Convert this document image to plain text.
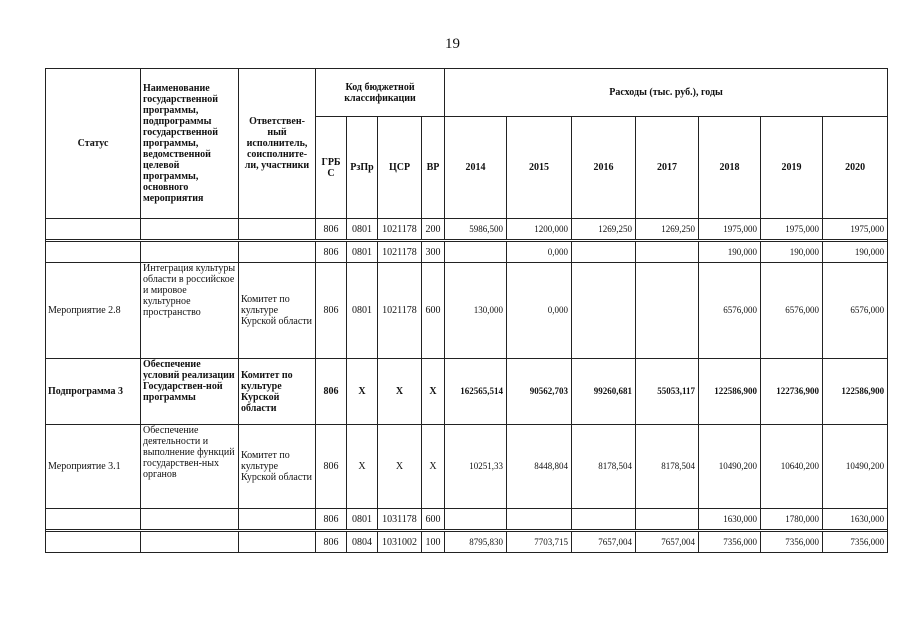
19
Статус	Наименование государственной программы, подпрограммы государственной программы, ведомственной целевой программы, основного мероприятия	Ответствен-ный исполнитель, соисполните-ли, участники	Код бюджетной классификации				Расходы (тыс. руб.), годы						
			ГРБС	РзПр	ЦСР	ВР	2014	2015	2016	2017	2018	2019	2020
			806	0801	1021178	200	5986,500	1200,000	1269,250	1269,250	1975,000	1975,000	1975,000

			806	0801	1021178	300		0,000			190,000	190,000	190,000
Мероприятие 2.8	Интеграция культуры области в российское и мировое культурное пространство	Комитет по культуре Курской области	806	0801	1021178	600	130,000	0,000			6576,000	6576,000	6576,000
Подпрограмма 3	Обеспечение условий реализации Государствен-ной программы	Комитет по культуре Курской области	806	Х	Х	Х	162565,514	90562,703	99260,681	55053,117	122586,900	122736,900	122586,900
Мероприятие 3.1	Обеспечение деятельности и выполнение функций государствен-ных органов	Комитет по культуре Курской области	806	Х	Х	Х	10251,33	8448,804	8178,504	8178,504	10490,200	10640,200	10490,200
			806	0801	1031178	600					1630,000	1780,000	1630,000

			806	0804	1031002	100	8795,830	7703,715	7657,004	7657,004	7356,000	7356,000	7356,000
